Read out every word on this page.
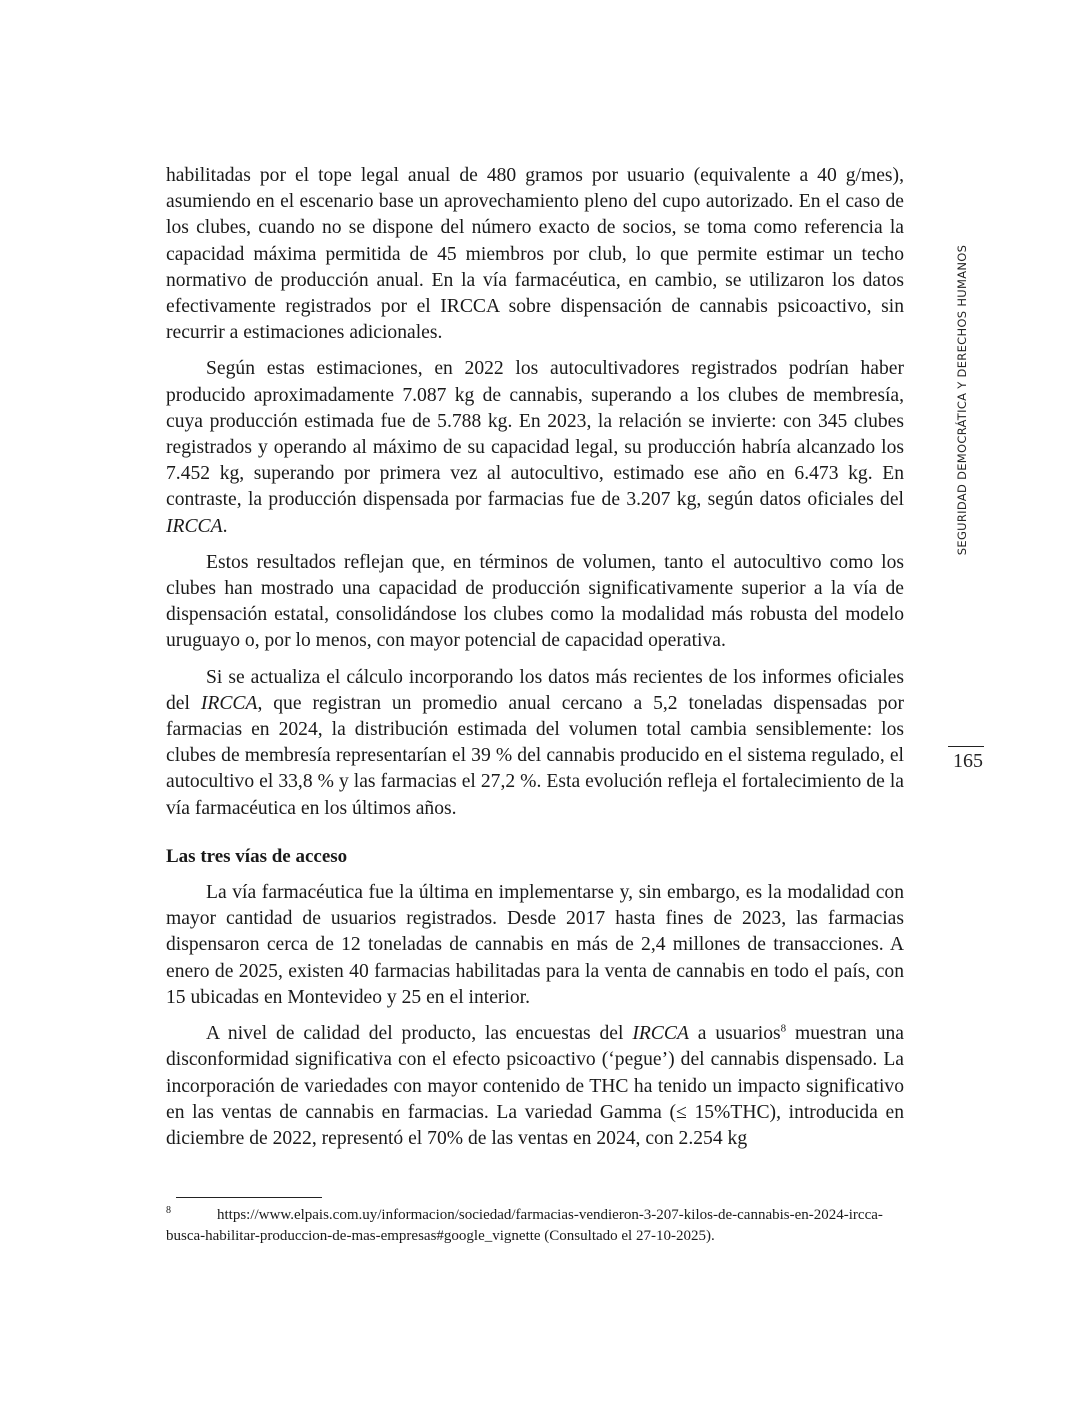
habilitadas por el tope legal anual de 480 gramos por usuario (equivalente a 40 g/mes), asumiendo en el escenario base un aprovechamiento pleno del cupo autorizado. En el caso de los clubes, cuando no se dispone del número exacto de socios, se toma como referencia la capacidad máxima permitida de 45 miembros por club, lo que permite estimar un techo normativo de producción anual. En la vía farmacéutica, en cambio, se utilizaron los datos efectivamente registrados por el IRCCA sobre dispensación de cannabis psicoactivo, sin recurrir a estimaciones adicionales.

Según estas estimaciones, en 2022 los autocultivadores registrados podrían haber producido aproximadamente 7.087 kg de cannabis, superando a los clubes de membresía, cuya producción estimada fue de 5.788 kg. En 2023, la relación se invierte: con 345 clubes registrados y operando al máximo de su capacidad legal, su producción habría alcanzado los 7.452 kg, superando por primera vez al autocultivo, estimado ese año en 6.473 kg. En contraste, la producción dispensada por farmacias fue de 3.207 kg, según datos oficiales del IRCCA.

Estos resultados reflejan que, en términos de volumen, tanto el autocultivo como los clubes han mostrado una capacidad de producción significativamente superior a la vía de dispensación estatal, consolidándose los clubes como la modalidad más robusta del modelo uruguayo o, por lo menos, con mayor potencial de capacidad operativa.

Si se actualiza el cálculo incorporando los datos más recientes de los informes oficiales del IRCCA, que registran un promedio anual cercano a 5,2 toneladas dispensadas por farmacias en 2024, la distribución estimada del volumen total cambia sensiblemente: los clubes de membresía representarían el 39 % del cannabis producido en el sistema regulado, el autocultivo el 33,8 % y las farmacias el 27,2 %. Esta evolución refleja el fortalecimiento de la vía farmacéutica en los últimos años.

Las tres vías de acceso

La vía farmacéutica fue la última en implementarse y, sin embargo, es la modalidad con mayor cantidad de usuarios registrados. Desde 2017 hasta fines de 2023, las farmacias dispensaron cerca de 12 toneladas de cannabis en más de 2,4 millones de transacciones. A enero de 2025, existen 40 farmacias habilitadas para la venta de cannabis en todo el país, con 15 ubicadas en Montevideo y 25 en el interior.

A nivel de calidad del producto, las encuestas del IRCCA a usuarios$^8$ muestran una disconformidad significativa con el efecto psicoactivo (‘pegue’) del cannabis dispensado. La incorporación de variedades con mayor contenido de THC ha tenido un impacto significativo en las ventas de cannabis en farmacias. La variedad Gamma (≤ 15%THC), introducida en diciembre de 2022, representó el 70% de las ventas en 2024, con 2.254 kg

SEGURIDAD DEMOCRÁTICA Y DERECHOS HUMANOS
165
$^8$	https://www.elpais.com.uy/informacion/sociedad/farmacias-vendieron-3-207-kilos-de-cannabis-en-2024-ircca-busca-habilitar-produccion-de-mas-empresas#google_vignette (Consultado el 27-10-2025).
